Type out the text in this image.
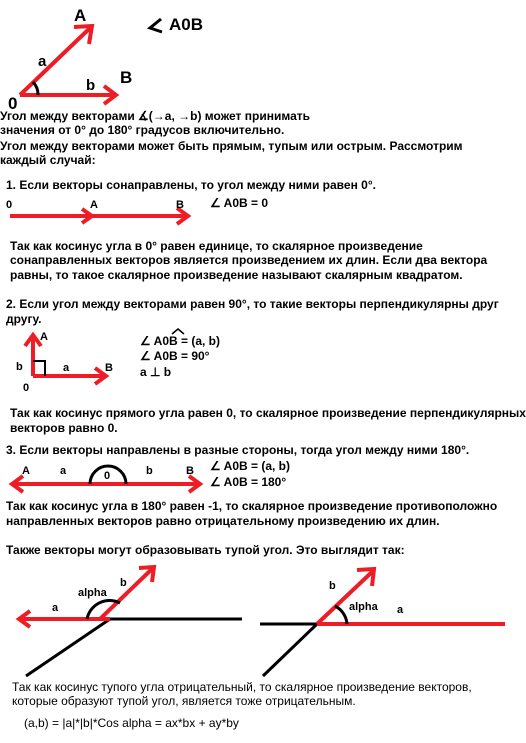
A
a
b B
0
A0B
Угол между векторами ∡(→a, →b) может принимать
значения от 0° до 180° градусов включительно.
Угол между векторами может быть прямым, тупым или острым. Рассмотрим
каждый случай:
1. Если векторы сонаправлены, то угол между ними равен 0°.
0	A	B ∠ A0B = 0
Так как косинус угла в 0° равен единице, то скалярное произведение
сонаправленных векторов является произведением их длин. Если два вектора
равны, то такое скалярное произведение называют скалярным квадратом.
2. Если угол между векторами равен 90°, то такие векторы перпендикулярны друг
другу.
A
b	a	B
0
∠ A0B = (a, b)
∠ A0B = 90°
a ⊥ b
Так как косинус прямого угла равен 0, то скалярное произведение перпендикулярных
векторов равно 0.
3. Если векторы направлены в разные стороны, тогда угол между ними 180°.
A	a	0	b	B ∠ A0B = (a, b)
∠ A0B = 180°
Так как косинус угла в 180° равен -1, то скалярное произведение противоположно
направленных векторов равно отрицательному произведению их длин.
Также векторы могут образовывать тупой угол. Это выглядит так:
a
alpha
b	b
alpha a
Так как косинус тупого угла отрицательный, то скалярное произведение векторов,
которые образуют тупой угол, является тоже отрицательным.
(a,b) = |a|*|b|*Cos alpha = ax*bx + ay*by
